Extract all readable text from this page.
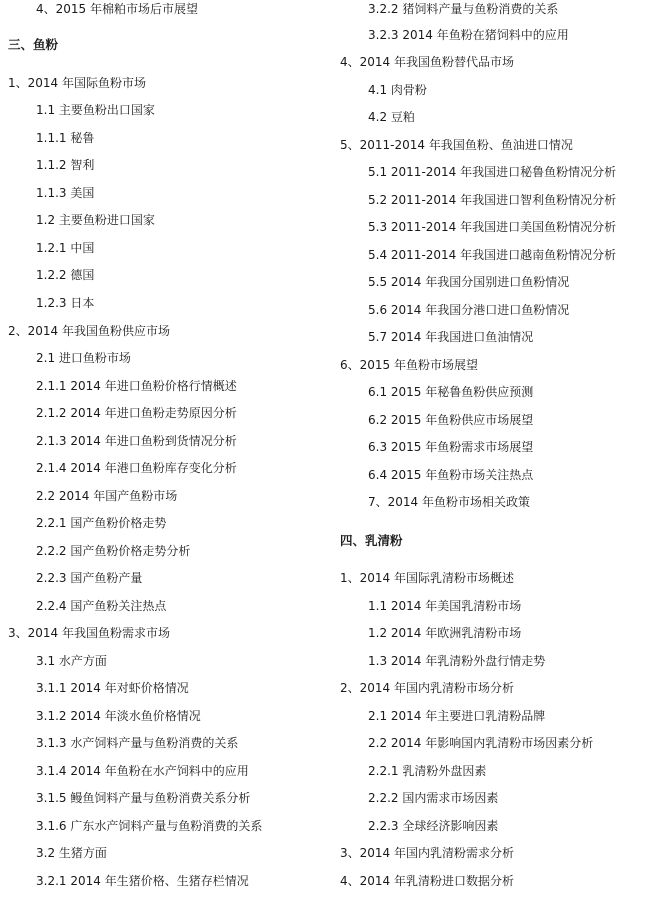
4、2015 年棉粕市场后市展望
三、鱼粉
1、2014 年国际鱼粉市场
1.1 主要鱼粉出口国家
1.1.1 秘鲁
1.1.2 智利
1.1.3 美国
1.2 主要鱼粉进口国家
1.2.1 中国
1.2.2 德国
1.2.3 日本
2、2014 年我国鱼粉供应市场
2.1 进口鱼粉市场
2.1.1 2014 年进口鱼粉价格行情概述
2.1.2 2014 年进口鱼粉走势原因分析
2.1.3 2014 年进口鱼粉到货情况分析
2.1.4 2014 年港口鱼粉库存变化分析
2.2 2014 年国产鱼粉市场
2.2.1 国产鱼粉价格走势
2.2.2 国产鱼粉价格走势分析
2.2.3 国产鱼粉产量
2.2.4 国产鱼粉关注热点
3、2014 年我国鱼粉需求市场
3.1 水产方面
3.1.1 2014 年对虾价格情况
3.1.2 2014 年淡水鱼价格情况
3.1.3 水产饲料产量与鱼粉消费的关系
3.1.4 2014 年鱼粉在水产饲料中的应用
3.1.5 鳗鱼饲料产量与鱼粉消费关系分析
3.1.6 广东水产饲料产量与鱼粉消费的关系
3.2 生猪方面
3.2.1 2014 年生猪价格、生猪存栏情况
3.2.2 猪饲料产量与鱼粉消费的关系
3.2.3 2014 年鱼粉在猪饲料中的应用
4、2014 年我国鱼粉替代品市场
4.1 肉骨粉
4.2 豆粕
5、2011-2014 年我国鱼粉、鱼油进口情况
5.1 2011-2014 年我国进口秘鲁鱼粉情况分析
5.2 2011-2014 年我国进口智利鱼粉情况分析
5.3 2011-2014 年我国进口美国鱼粉情况分析
5.4 2011-2014 年我国进口越南鱼粉情况分析
5.5 2014 年我国分国别进口鱼粉情况
5.6 2014 年我国分港口进口鱼粉情况
5.7 2014 年我国进口鱼油情况
6、2015 年鱼粉市场展望
6.1 2015 年秘鲁鱼粉供应预测
6.2 2015 年鱼粉供应市场展望
6.3 2015 年鱼粉需求市场展望
6.4 2015 年鱼粉市场关注热点
7、2014 年鱼粉市场相关政策
四、乳清粉
1、2014 年国际乳清粉市场概述
1.1 2014 年美国乳清粉市场
1.2 2014 年欧洲乳清粉市场
1.3 2014 年乳清粉外盘行情走势
2、2014 年国内乳清粉市场分析
2.1 2014 年主要进口乳清粉品牌
2.2 2014 年影响国内乳清粉市场因素分析
2.2.1 乳清粉外盘因素
2.2.2 国内需求市场因素
2.2.3 全球经济影响因素
3、2014 年国内乳清粉需求分析
4、2014 年乳清粉进口数据分析
